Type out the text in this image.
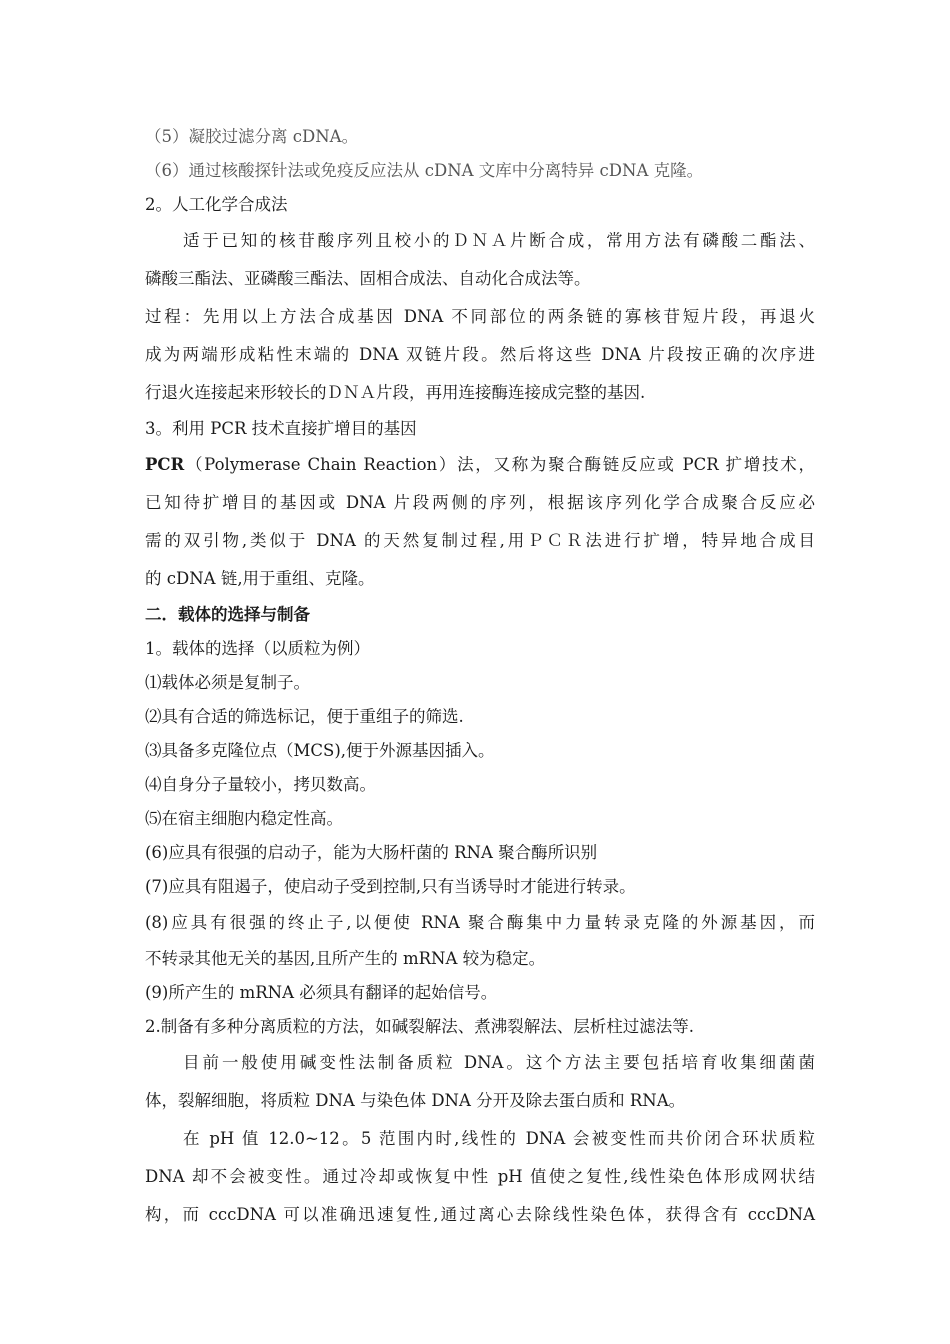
（5）凝胶过滤分离 cDNA。
（6）通过核酸探针法或免疫反应法从 cDNA 文库中分离特异 cDNA 克隆。
2。人工化学合成法
适于已知的核苷酸序列且校小的ＤＮＡ片断合成，常用方法有磷酸二酯法、
磷酸三酯法、亚磷酸三酯法、固相合成法、自动化合成法等。
过程：先用以上方法合成基因 DNA 不同部位的两条链的寡核苷短片段，再退火
成为两端形成粘性末端的 DNA 双链片段。然后将这些 DNA 片段按正确的次序进
行退火连接起来形较长的ＤＮＡ片段，再用连接酶连接成完整的基因.
3。利用 PCR 技术直接扩增目的基因
PCR（Polymerase Chain Reaction）法，又称为聚合酶链反应或 PCR 扩增技术，
已知待扩增目的基因或 DNA 片段两侧的序列，根据该序列化学合成聚合反应必
需的双引物,类似于 DNA 的天然复制过程,用ＰＣＲ法进行扩增，特异地合成目
的 cDNA 链,用于重组、克隆。
二．载体的选择与制备
1。载体的选择（以质粒为例）
⑴载体必须是复制子。
⑵具有合适的筛选标记，便于重组子的筛选.
⑶具备多克隆位点（MCS),便于外源基因插入。
⑷自身分子量较小，拷贝数高。
⑸在宿主细胞内稳定性高。
(6)应具有很强的启动子，能为大肠杆菌的 RNA 聚合酶所识别
(7)应具有阻遏子，使启动子受到控制,只有当诱导时才能进行转录。
(8)应具有很强的终止子,以便使 RNA 聚合酶集中力量转录克隆的外源基因，而
不转录其他无关的基因,且所产生的 mRNA 较为稳定。
(9)所产生的 mRNA 必须具有翻译的起始信号。
2.制备有多种分离质粒的方法，如碱裂解法、煮沸裂解法、层析柱过滤法等.
目前一般使用碱变性法制备质粒 DNA。这个方法主要包括培育收集细菌菌
体，裂解细胞，将质粒 DNA 与染色体 DNA 分开及除去蛋白质和 RNA。
在 pH 值 12.0~12。5 范围内时,线性的 DNA 会被变性而共价闭合环状质粒
DNA 却不会被变性。通过冷却或恢复中性 pH 值使之复性,线性染色体形成网状结
构，而 cccDNA 可以准确迅速复性,通过离心去除线性染色体，获得含有 cccDNA
